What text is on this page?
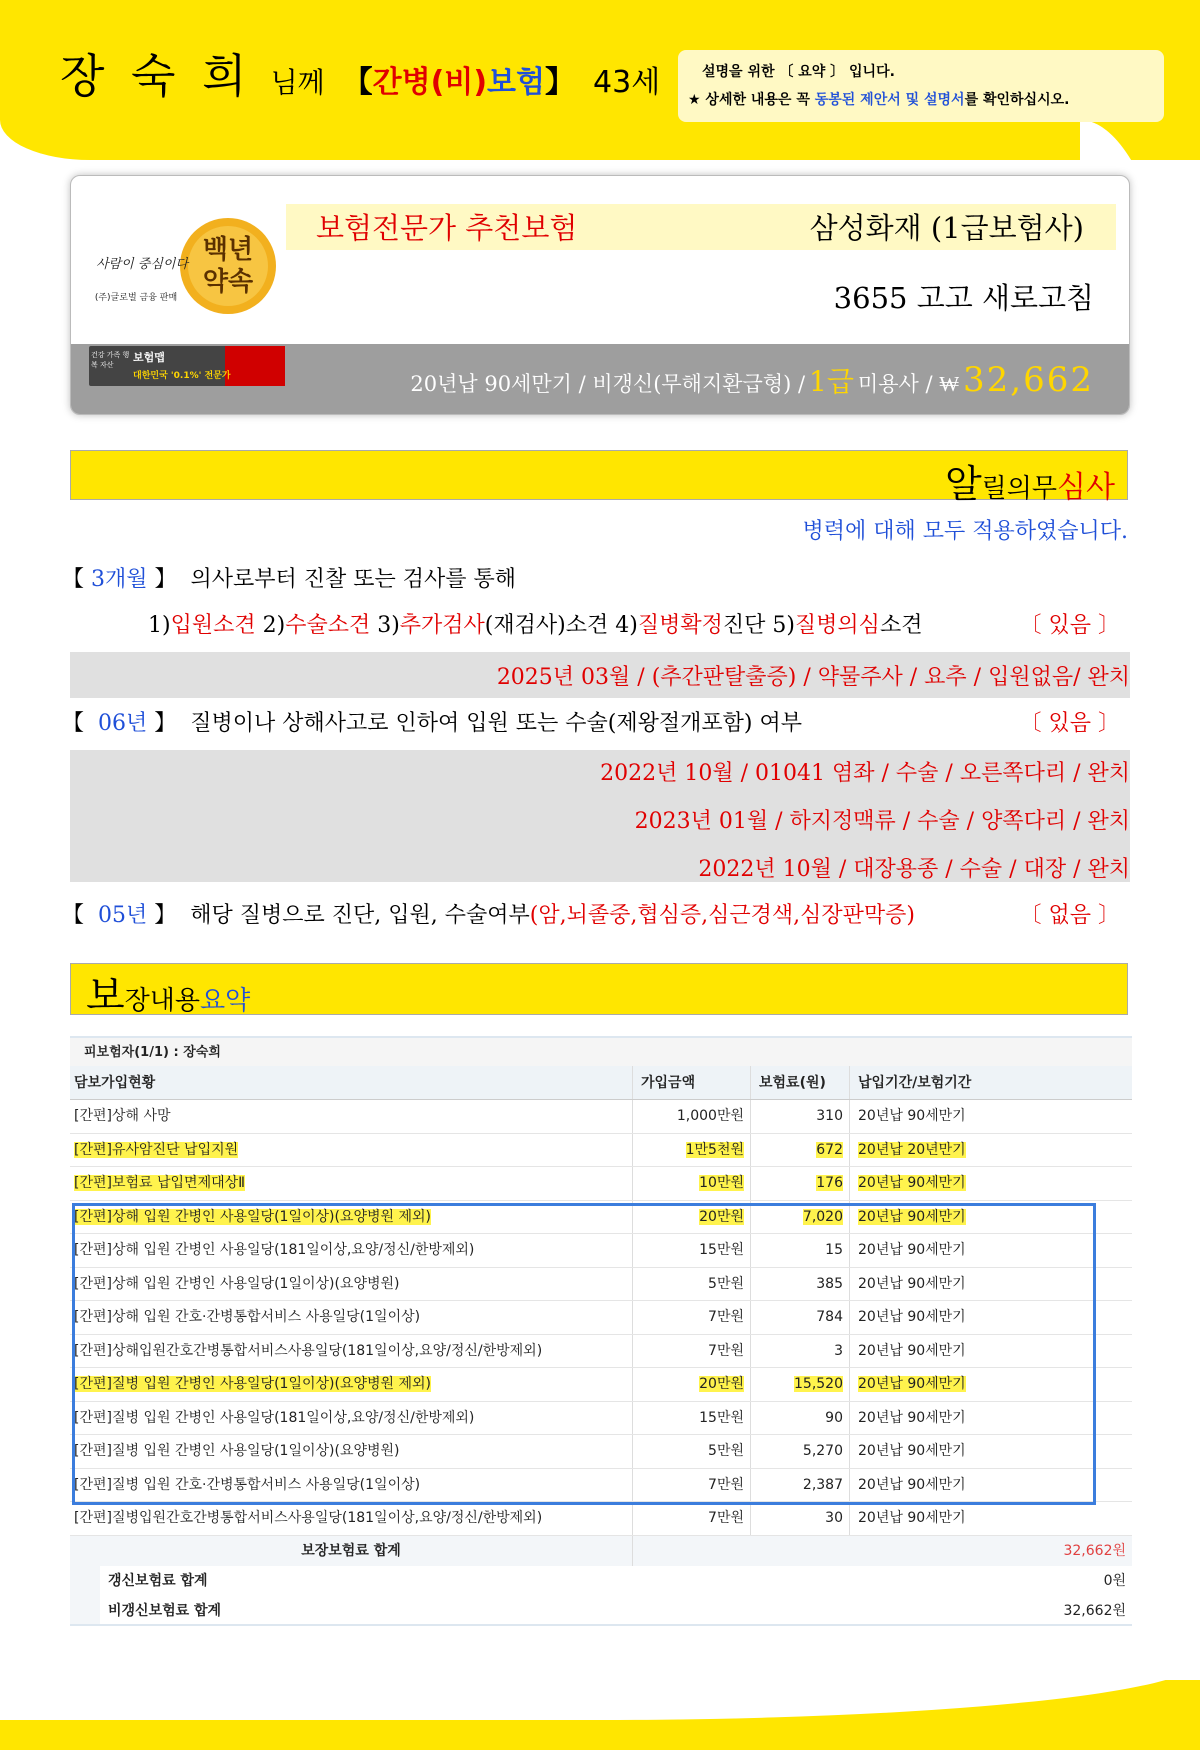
장 숙 희 님께 【간병(비)보험】 43세	설명을 위한 〔 요약 〕 입니다.
★ 상세한 내용은 꼭 동봉된 제안서 및 설명서를 확인하십시오.
백년
약속
사람이 중심이다
(주)글로벌 금융 판매
건강 가족 행복 자산
보험맵
대한민국 '0.1%' 전문가
보험전문가 추천보험	삼성화재 (1급보험사)
3655 고고 새로고침
20년납 90세만기 / 비갱신(무해지환급형) / 1급 미용사 / ₩ 32,662
알릴의무심사
병력에 대해 모두 적용하였습니다.
【 3개월 】 의사로부터 진찰 또는 검사를 통해
1)입원소견 2)수술소견 3)추가검사(재검사)소견 4)질병확정진단 5)질병의심소견	〔 있음 〕
2025년 03월 / (추간판탈출증) / 약물주사 / 요추 / 입원없음/ 완치
【 06년 】 질병이나 상해사고로 인하여 입원 또는 수술(제왕절개포함) 여부	〔 있음 〕
2022년 10월 / 01041 염좌 / 수술 / 오른쪽다리 / 완치
2023년 01월 / 하지정맥류 / 수술 / 양쪽다리 / 완치
2022년 10월 / 대장용종 / 수술 / 대장 / 완치
【 05년 】 해당 질병으로 진단, 입원, 수술여부(암,뇌졸중,협심증,심근경색,심장판막증)	〔 없음 〕
보장내용요약
피보험자(1/1) : 장숙희
담보가입현황	가입금액	보험료(원)	납입기간/보험기간
[간편]상해 사망	1,000만원	310	20년납 90세만기
[간편]유사암진단 납입지원	1만5천원	672	20년납 20년만기
[간편]보험료 납입면제대상Ⅱ	10만원	176	20년납 90세만기
[간편]상해 입원 간병인 사용일당(1일이상)(요양병원 제외)	20만원	7,020	20년납 90세만기
[간편]상해 입원 간병인 사용일당(181일이상,요양/정신/한방제외)	15만원	15	20년납 90세만기
[간편]상해 입원 간병인 사용일당(1일이상)(요양병원)	5만원	385	20년납 90세만기
[간편]상해 입원 간호·간병통합서비스 사용일당(1일이상)	7만원	784	20년납 90세만기
[간편]상해입원간호간병통합서비스사용일당(181일이상,요양/정신/한방제외)	7만원	3	20년납 90세만기
[간편]질병 입원 간병인 사용일당(1일이상)(요양병원 제외)	20만원	15,520	20년납 90세만기
[간편]질병 입원 간병인 사용일당(181일이상,요양/정신/한방제외)	15만원	90	20년납 90세만기
[간편]질병 입원 간병인 사용일당(1일이상)(요양병원)	5만원	5,270	20년납 90세만기
[간편]질병 입원 간호·간병통합서비스 사용일당(1일이상)	7만원	2,387	20년납 90세만기
[간편]질병입원간호간병통합서비스사용일당(181일이상,요양/정신/한방제외)	7만원	30	20년납 90세만기
보장보험료 합계	32,662원
갱신보험료 합계	0원
비갱신보험료 합계	32,662원
